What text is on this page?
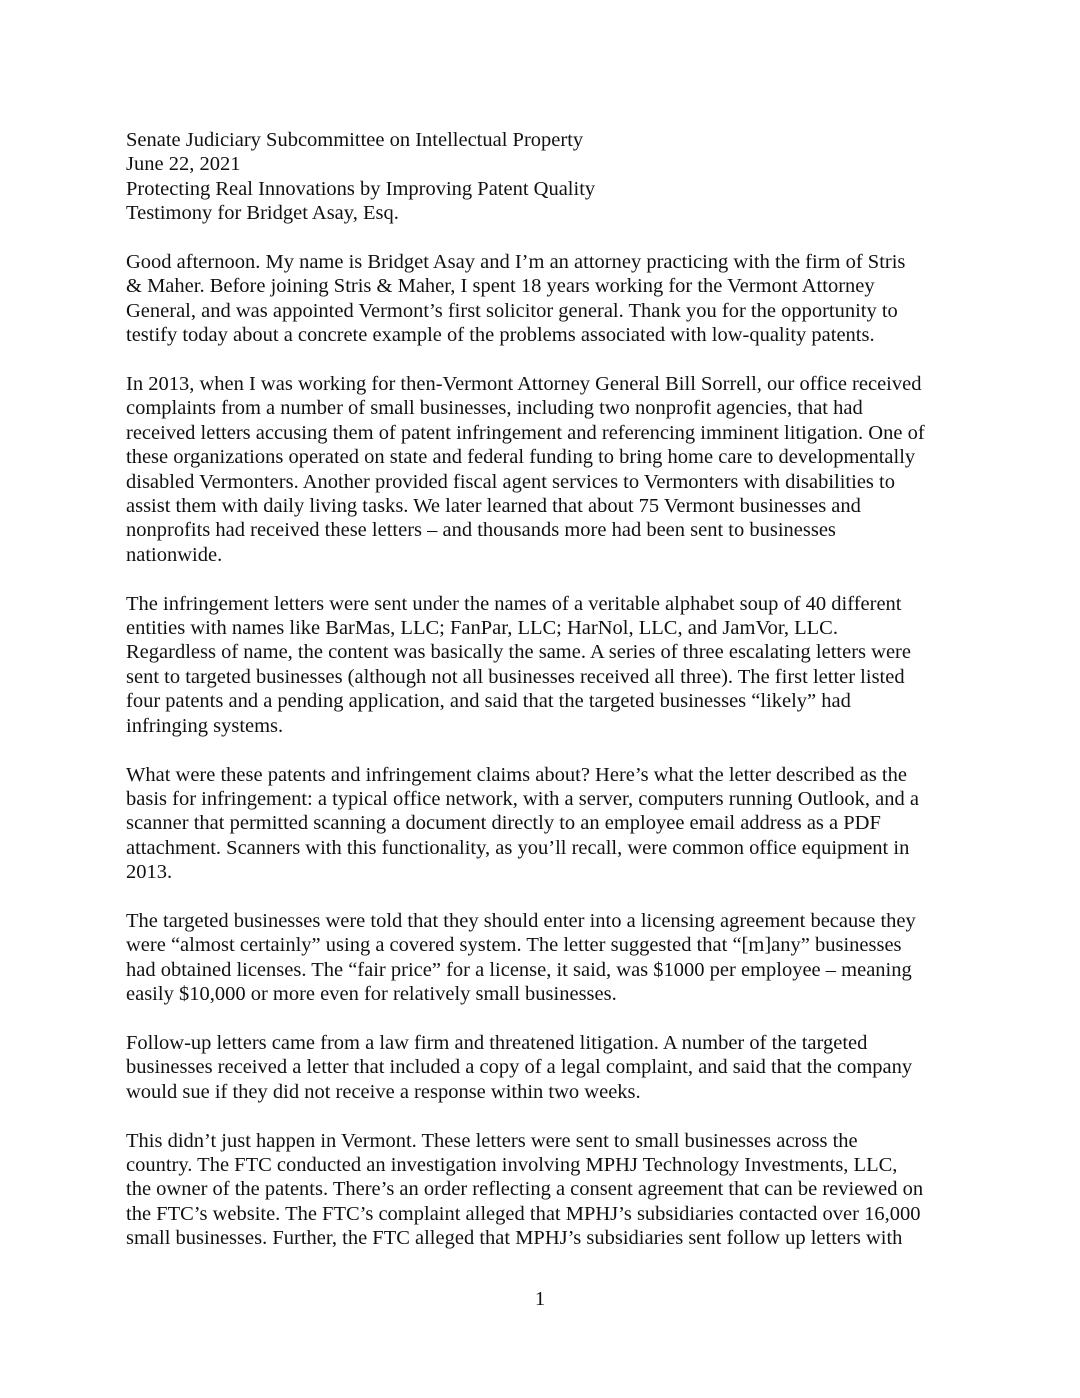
Senate Judiciary Subcommittee on Intellectual Property
June 22, 2021
Protecting Real Innovations by Improving Patent Quality
Testimony for Bridget Asay, Esq.
Good afternoon. My name is Bridget Asay and I’m an attorney practicing with the firm of Stris
& Maher. Before joining Stris & Maher, I spent 18 years working for the Vermont Attorney
General, and was appointed Vermont’s first solicitor general. Thank you for the opportunity to
testify today about a concrete example of the problems associated with low-quality patents.
In 2013, when I was working for then-Vermont Attorney General Bill Sorrell, our office received
complaints from a number of small businesses, including two nonprofit agencies, that had
received letters accusing them of patent infringement and referencing imminent litigation. One of
these organizations operated on state and federal funding to bring home care to developmentally
disabled Vermonters. Another provided fiscal agent services to Vermonters with disabilities to
assist them with daily living tasks. We later learned that about 75 Vermont businesses and
nonprofits had received these letters – and thousands more had been sent to businesses
nationwide.
The infringement letters were sent under the names of a veritable alphabet soup of 40 different
entities with names like BarMas, LLC; FanPar, LLC; HarNol, LLC, and JamVor, LLC.
Regardless of name, the content was basically the same. A series of three escalating letters were
sent to targeted businesses (although not all businesses received all three). The first letter listed
four patents and a pending application, and said that the targeted businesses “likely” had
infringing systems.
What were these patents and infringement claims about? Here’s what the letter described as the
basis for infringement: a typical office network, with a server, computers running Outlook, and a
scanner that permitted scanning a document directly to an employee email address as a PDF
attachment. Scanners with this functionality, as you’ll recall, were common office equipment in
2013.
The targeted businesses were told that they should enter into a licensing agreement because they
were “almost certainly” using a covered system. The letter suggested that “[m]any” businesses
had obtained licenses. The “fair price” for a license, it said, was $1000 per employee – meaning
easily $10,000 or more even for relatively small businesses.
Follow-up letters came from a law firm and threatened litigation. A number of the targeted
businesses received a letter that included a copy of a legal complaint, and said that the company
would sue if they did not receive a response within two weeks.
This didn’t just happen in Vermont. These letters were sent to small businesses across the
country. The FTC conducted an investigation involving MPHJ Technology Investments, LLC,
the owner of the patents. There’s an order reflecting a consent agreement that can be reviewed on
the FTC’s website. The FTC’s complaint alleged that MPHJ’s subsidiaries contacted over 16,000
small businesses. Further, the FTC alleged that MPHJ’s subsidiaries sent follow up letters with
1
